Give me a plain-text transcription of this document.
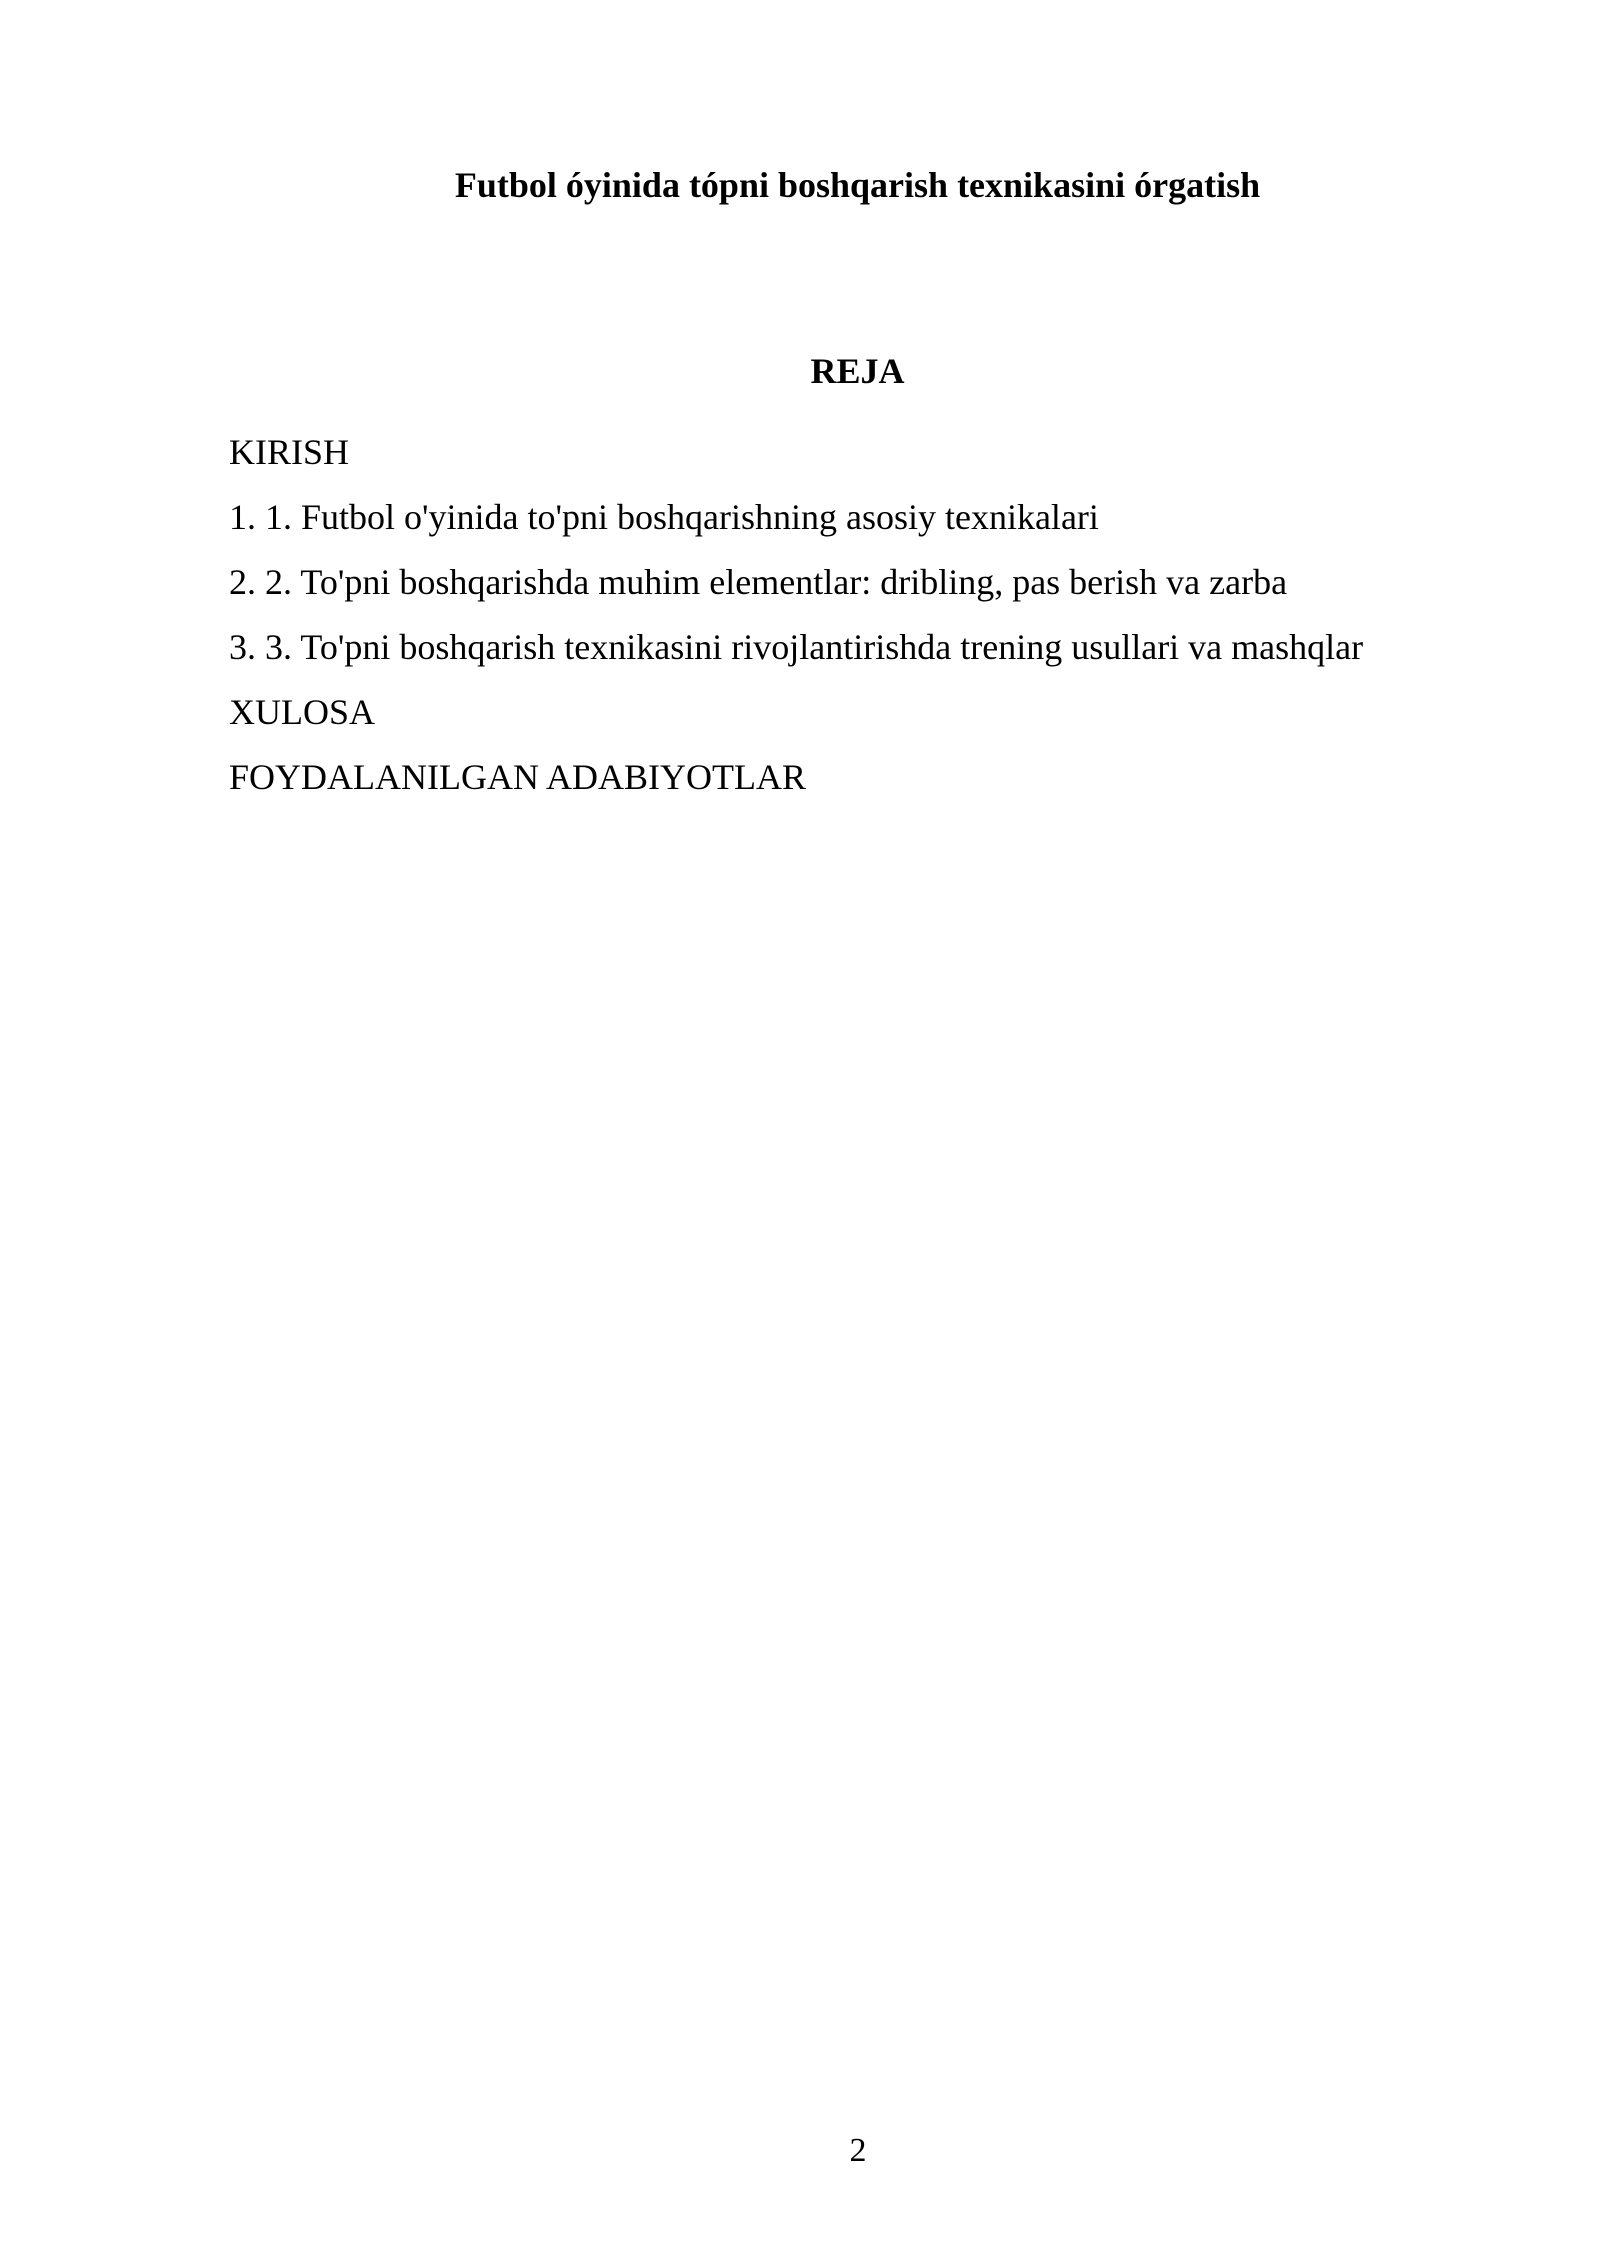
Futbol óyinida tópni boshqarish texnikasini órgatish
REJA
KIRISH
1. 1. Futbol o'yinida to'pni boshqarishning asosiy texnikalari
2. 2. To'pni boshqarishda muhim elementlar: dribling, pas berish va zarba
3. 3. To'pni boshqarish texnikasini rivojlantirishda trening usullari va mashqlar
XULOSA
FOYDALANILGAN ADABIYOTLAR
2
